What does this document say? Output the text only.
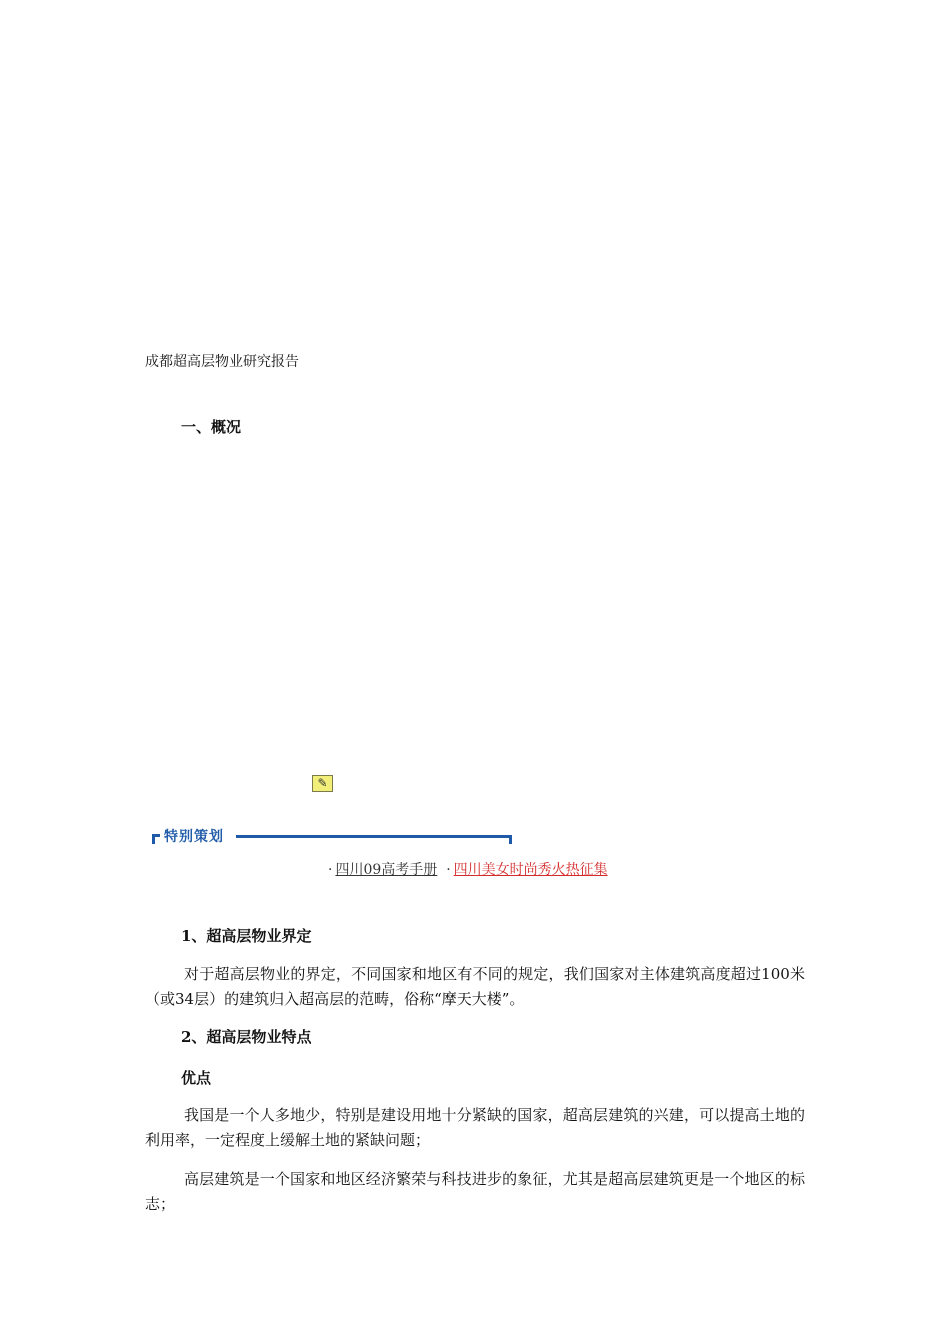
成都超高层物业研究报告
一、概况
✎
特别策划
· 四川09高考手册 · 四川美女时尚秀火热征集
1、超高层物业界定
对于超高层物业的界定，不同国家和地区有不同的规定，我们国家对主体建筑高度超过100米（或34层）的建筑归入超高层的范畴，俗称“摩天大楼”。
2、超高层物业特点
优点
我国是一个人多地少，特别是建设用地十分紧缺的国家，超高层建筑的兴建，可以提高土地的利用率，一定程度上缓解土地的紧缺问题；
高层建筑是一个国家和地区经济繁荣与科技进步的象征，尤其是超高层建筑更是一个地区的标志；
